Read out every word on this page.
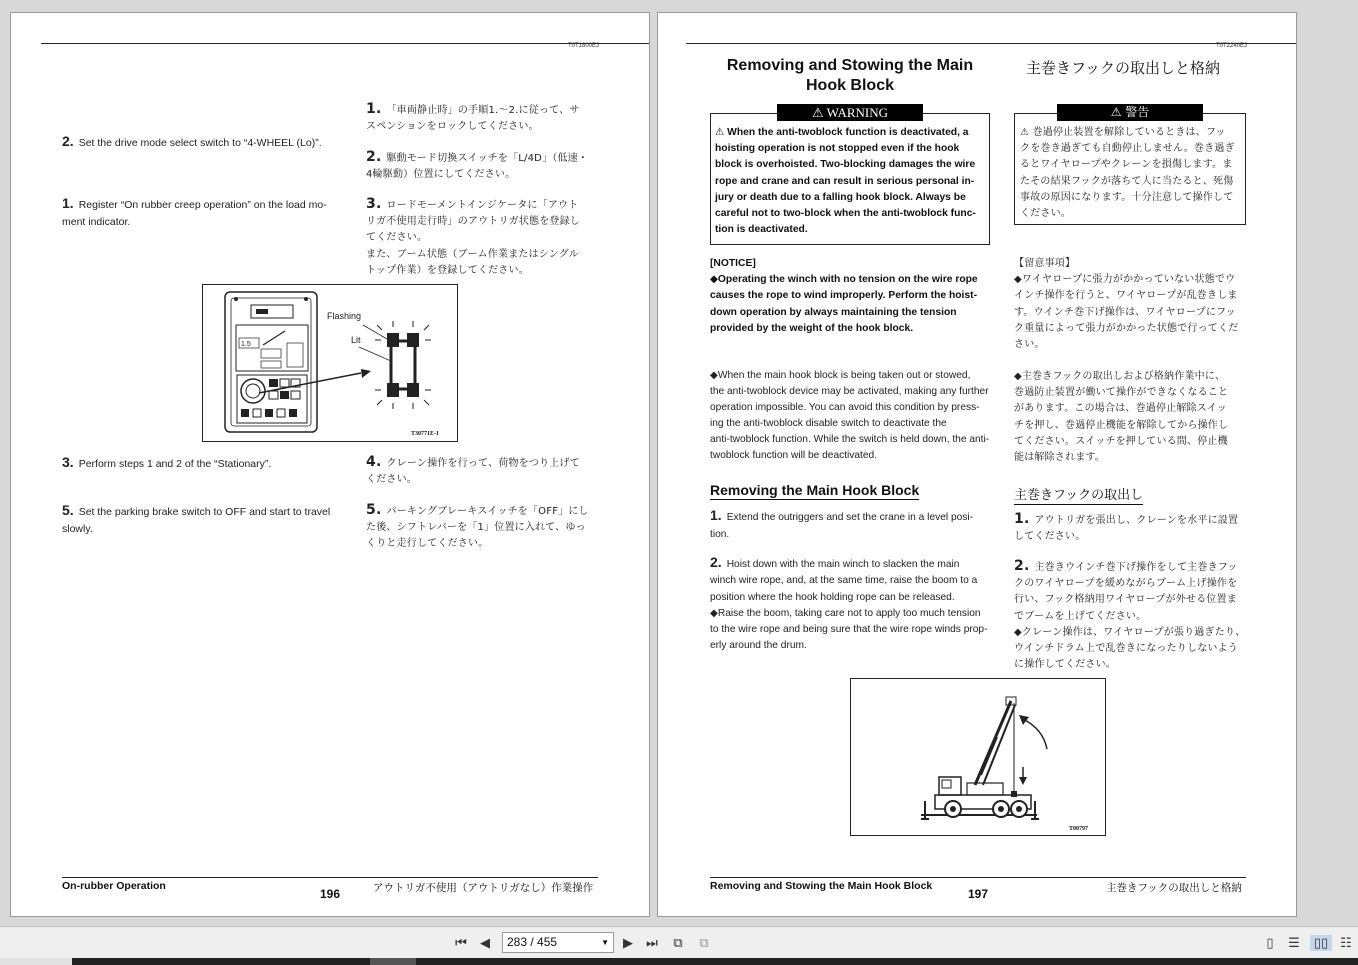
T0T1800EJ
2. Set the drive mode select switch to “4-WHEEL (Lo)”.
1. Register “On rubber creep operation” on the load mo-
ment indicator.
3. Perform steps 1 and 2 of the “Stationary”.
5. Set the parking brake switch to OFF and start to travel
slowly.
1. 「車両静止時」の手順1.～2.に従って、サ
スペンションをロックしてください。
2. 駆動モード切換スイッチを「L/4D」（低速・
4輪駆動）位置にしてください。
3. ロードモーメントインジケータに「アウト
リガ不使用走行時」のアウトリガ状態を登録し
てください。
また、ブーム状態（ブーム作業またはシングル
トップ作業）を登録してください。
4. クレーン操作を行って、荷物をつり上げて
ください。
5. パーキングブレーキスイッチを「OFF」にし
た後、シフトレバーを「1」位置に入れて、ゆっ
くりと走行してください。
1.5
Flashing
Lit
T30771E-1
On-rubber Operation	アウトリガ不使用（アウトリガなし）作業操作
196
T0T2240EJ
Removing and Stowing the Main
Hook Block
主巻きフックの取出しと格納
⚠ WARNING
⚠ When the anti-twoblock function is deactivated, a
hoisting operation is not stopped even if the hook
block is overhoisted. Two-blocking damages the wire
rope and crane and can result in serious personal in-
jury or death due to a falling hook block. Always be
careful not to two-block when the anti-twoblock func-
tion is deactivated.
⚠ 警告
⚠ 巻過停止装置を解除しているときは、フッ
クを巻き過ぎても自動停止しません。巻き過ぎ
るとワイヤロープやクレーンを損傷します。ま
たその結果フックが落ちて人に当たると、死傷
事故の原因になります。十分注意して操作して
ください。
[NOTICE]
◆Operating the winch with no tension on the wire rope
causes the rope to wind improperly. Perform the hoist-
down operation by always maintaining the tension
provided by the weight of the hook block.
【留意事項】
◆ワイヤロープに張力がかかっていない状態でウ
インチ操作を行うと、ワイヤロープが乱巻きしま
す。ウインチ巻下げ操作は、ワイヤロープにフッ
ク重量によって張力がかかった状態で行ってくだ
さい。
◆When the main hook block is being taken out or stowed,
the anti-twoblock device may be activated, making any further
operation impossible. You can avoid this condition by press-
ing the anti-twoblock disable switch to deactivate the
anti-twoblock function. While the switch is held down, the anti-
twoblock function will be deactivated.
◆主巻きフックの取出しおよび格納作業中に、
巻過防止装置が働いて操作ができなくなること
があります。この場合は、巻過停止解除スイッ
チを押し、巻過停止機能を解除してから操作し
てください。スイッチを押している間、停止機
能は解除されます。
Removing the Main Hook Block	主巻きフックの取出し
1. Extend the outriggers and set the crane in a level posi-
tion.
2. Hoist down with the main winch to slacken the main
winch wire rope, and, at the same time, raise the boom to a
position where the hook holding rope can be released.
◆Raise the boom, taking care not to apply too much tension
to the wire rope and being sure that the wire rope winds prop-
erly around the drum.
1. アウトリガを張出し、クレーンを水平に設置
してください。
2. 主巻きウインチ巻下げ操作をして主巻きフッ
クのワイヤロープを緩めながらブーム上げ操作を
行い、フック格納用ワイヤロープが外せる位置ま
でブームを上げてください。
◆クレーン操作は、ワイヤロープが張り過ぎたり、
ウインチドラム上で乱巻きになったりしないよう
に操作してください。
T00797
Removing and Stowing the Main Hook Block	主巻きフックの取出しと格納
197
⏮ ◀	283 / 455	▼ ▶ ⏭ ⧉ ⧉	▯	☰ ▯▯ ☷
